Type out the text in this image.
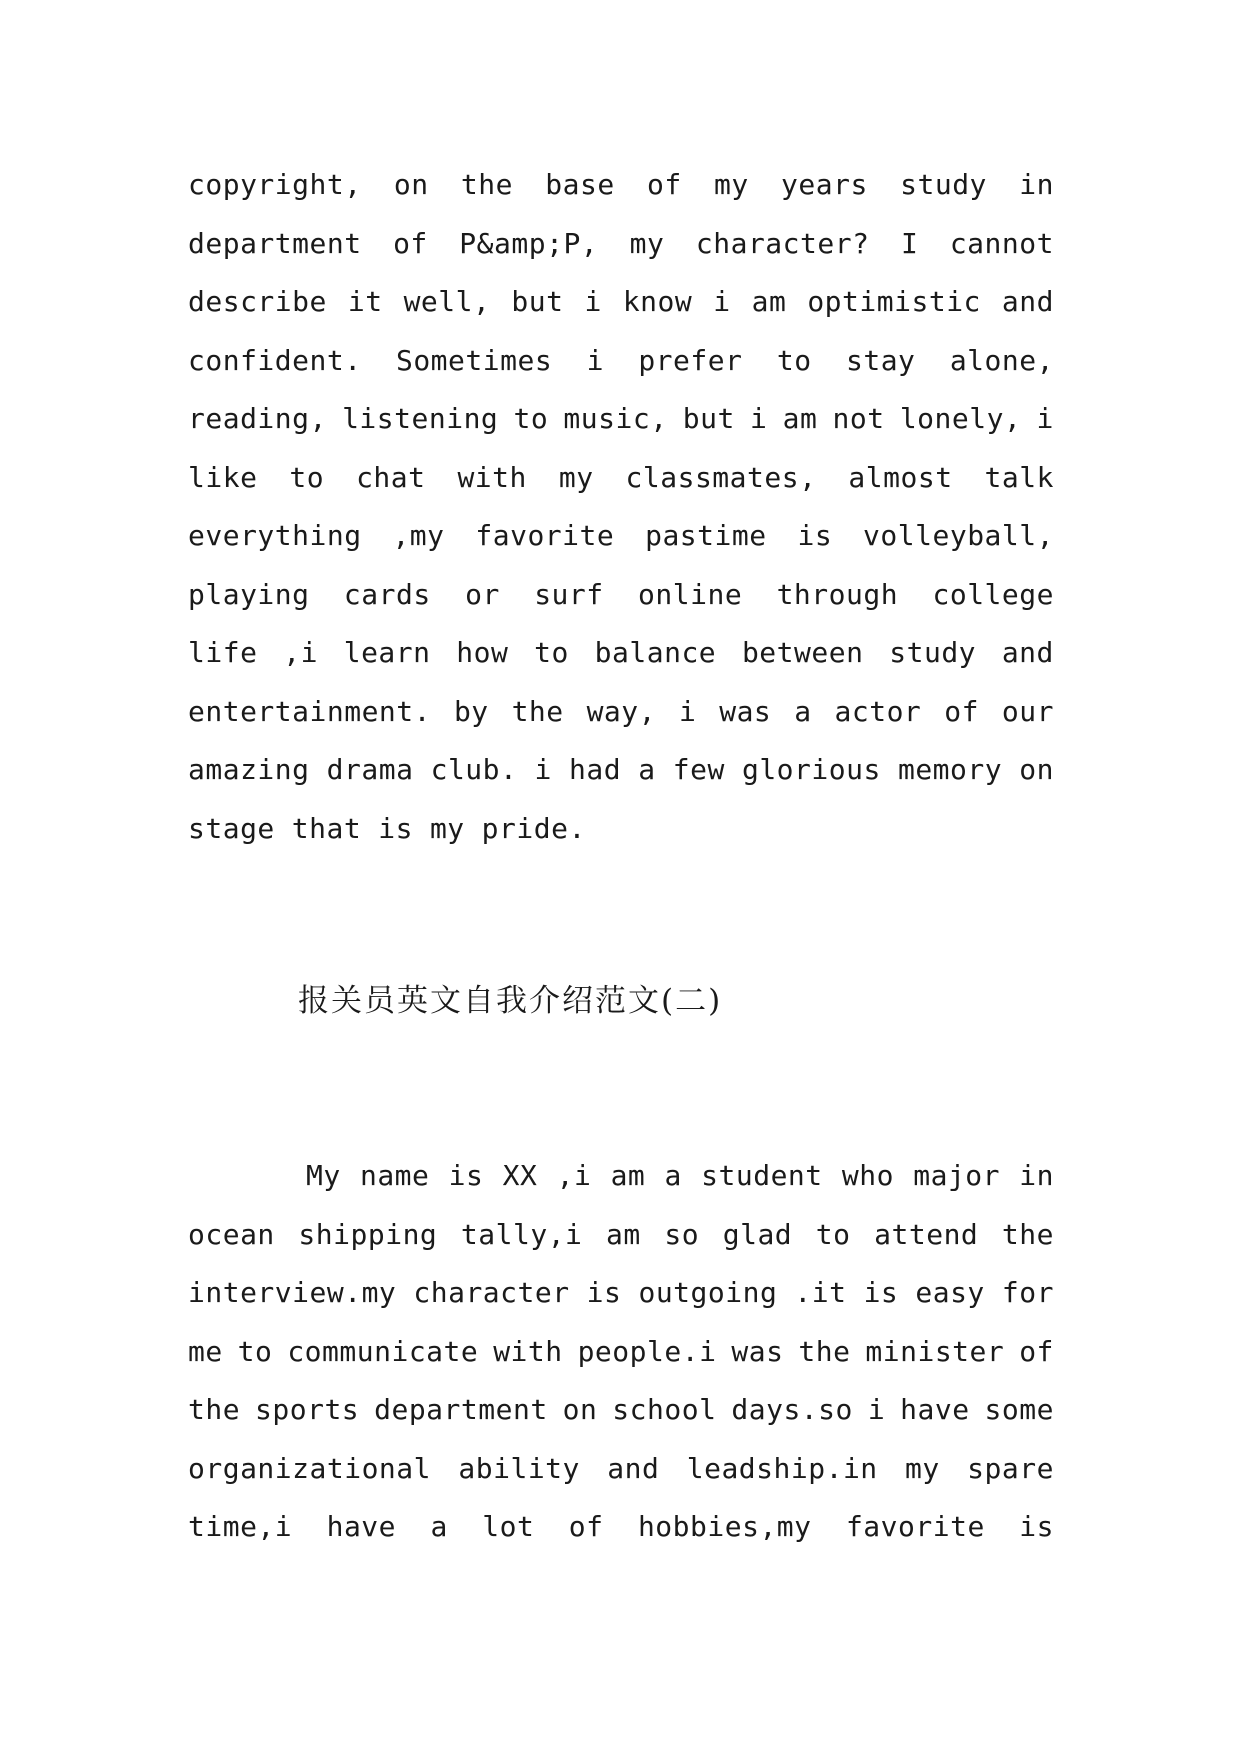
copyright, on the base of my years study in
department of P&amp;P, my character? I cannot
describe it well, but i know i am optimistic and
confident. Sometimes i prefer to stay alone,
reading, listening to music, but i am not lonely, i
like to chat with my classmates, almost talk
everything ,my favorite pastime is volleyball,
playing cards or surf online through college
life ,i learn how to balance between study and
entertainment. by the way, i was a actor of our
amazing drama club. i had a few glorious memory on
stage that is my pride.
报关员英文自我介绍范文(二)
My name is XX ,i am a student who major in
ocean shipping tally,i am so glad to attend the
interview.my character is outgoing .it is easy for
me to communicate with people.i was the minister of
the sports department on school days.so i have some
organizational ability and leadship.in my spare
time,i have a lot of hobbies,my favorite is
